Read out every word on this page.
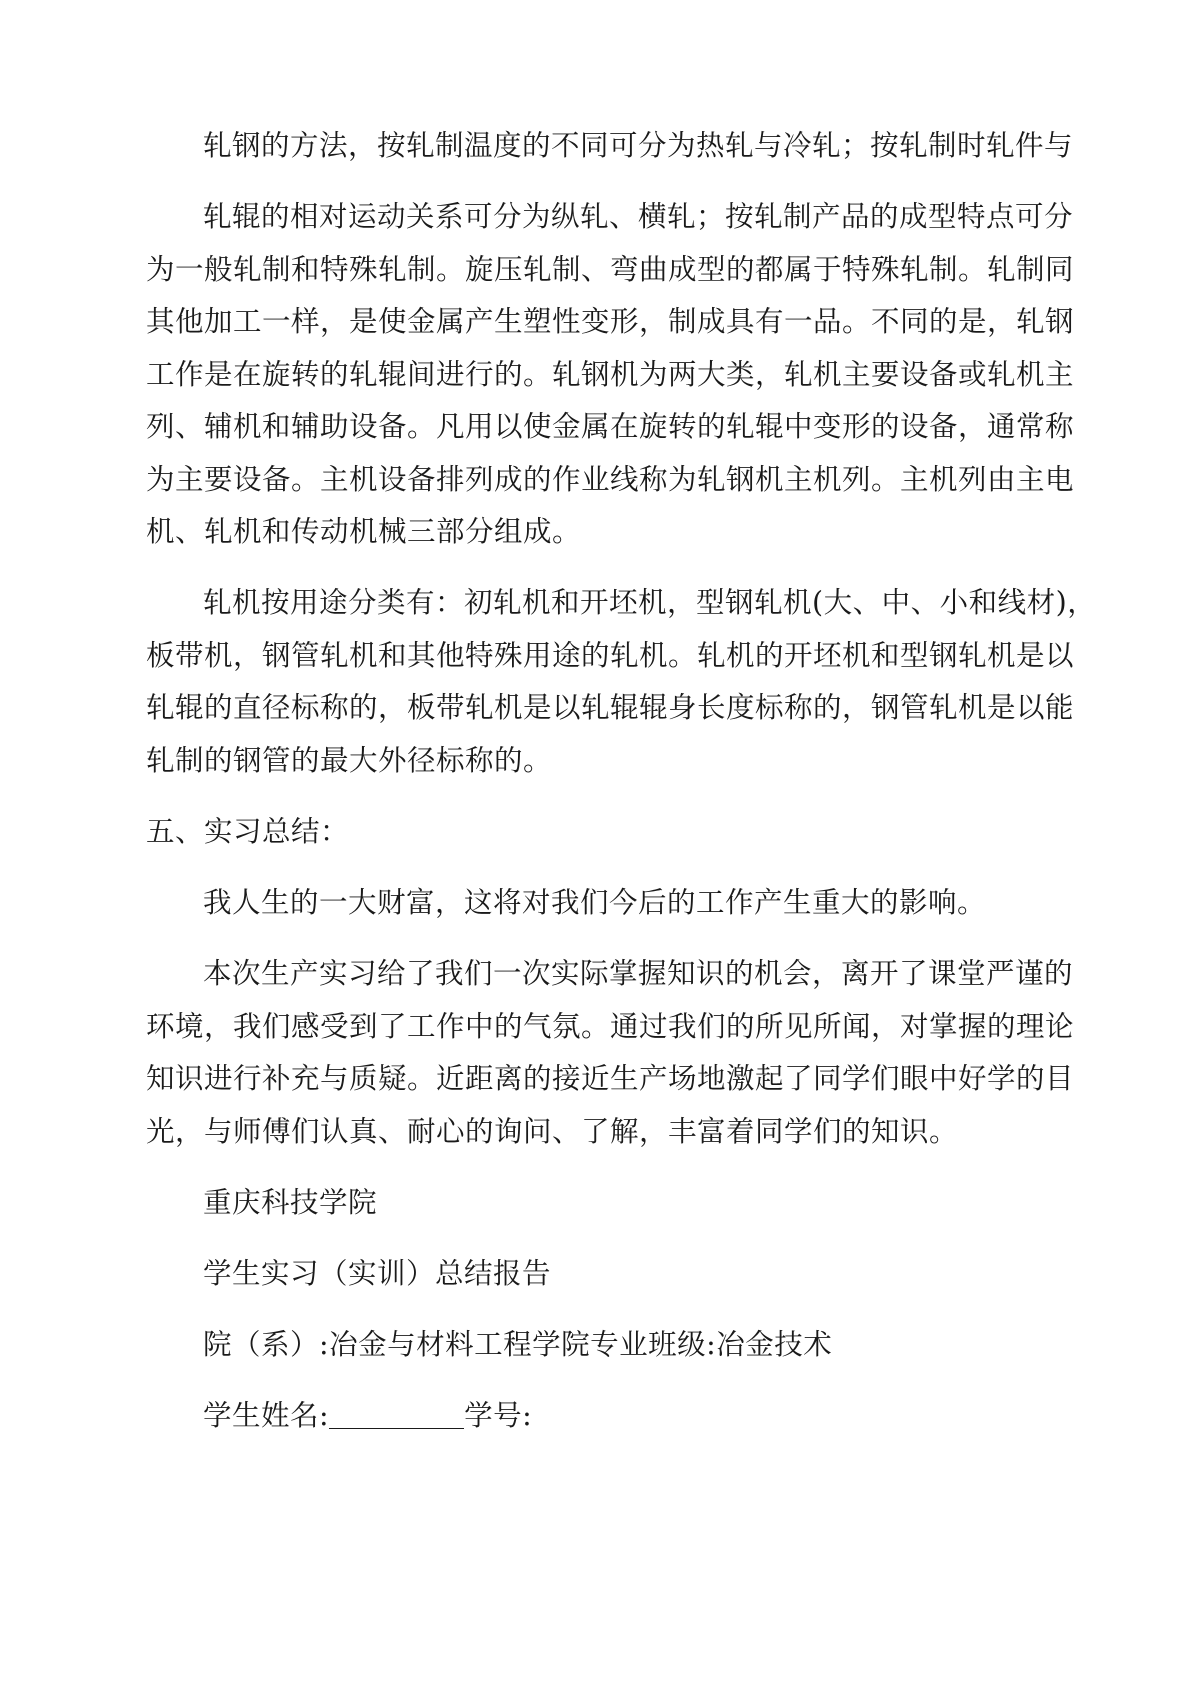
轧钢的方法，按轧制温度的不同可分为热轧与冷轧；按轧制时轧件与
轧辊的相对运动关系可分为纵轧、横轧；按轧制产品的成型特点可分
为一般轧制和特殊轧制。旋压轧制、弯曲成型的都属于特殊轧制。轧制同
其他加工一样，是使金属产生塑性变形，制成具有一品。不同的是，轧钢
工作是在旋转的轧辊间进行的。轧钢机为两大类，轧机主要设备或轧机主
列、辅机和辅助设备。凡用以使金属在旋转的轧辊中变形的设备，通常称
为主要设备。主机设备排列成的作业线称为轧钢机主机列。主机列由主电
机、轧机和传动机械三部分组成。
轧机按用途分类有：初轧机和开坯机，型钢轧机(大、中、小和线材)，
板带机，钢管轧机和其他特殊用途的轧机。轧机的开坯机和型钢轧机是以
轧辊的直径标称的，板带轧机是以轧辊辊身长度标称的，钢管轧机是以能
轧制的钢管的最大外径标称的。
五、实习总结：
我人生的一大财富，这将对我们今后的工作产生重大的影响。
本次生产实习给了我们一次实际掌握知识的机会，离开了课堂严谨的
环境，我们感受到了工作中的气氛。通过我们的所见所闻，对掌握的理论
知识进行补充与质疑。近距离的接近生产场地激起了同学们眼中好学的目
光，与师傅们认真、耐心的询问、了解，丰富着同学们的知识。
重庆科技学院
学生实习（实训）总结报告
院（系）:冶金与材料工程学院专业班级:冶金技术
学生姓名:	学号:
